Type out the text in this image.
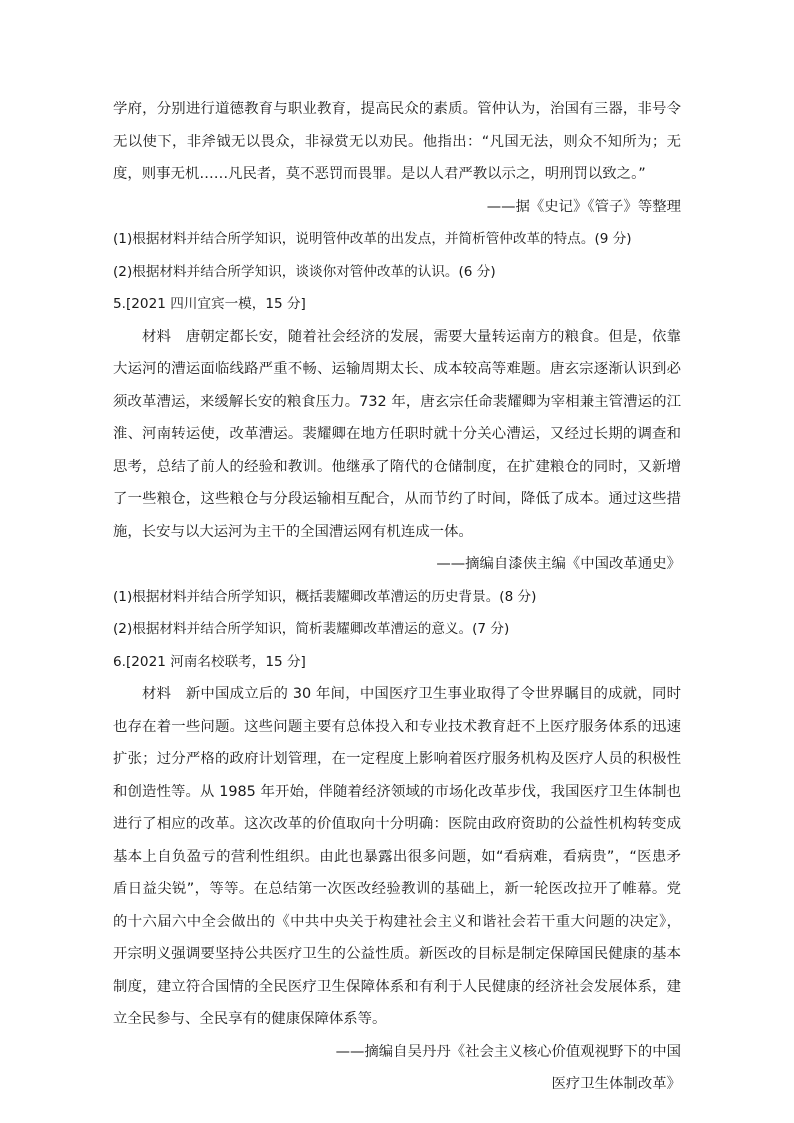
学府，分别进行道德教育与职业教育，提高民众的素质。管仲认为，治国有三器，非号令无以使下，非斧钺无以畏众，非禄赏无以劝民。他指出：“凡国无法，则众不知所为；无度，则事无机……凡民者，莫不恶罚而畏罪。是以人君严教以示之，明刑罚以致之。”

——据《史记》《管子》等整理

(1)根据材料并结合所学知识，说明管仲改革的出发点，并简析管仲改革的特点。(9 分)

(2)根据材料并结合所学知识，谈谈你对管仲改革的认识。(6 分)

5.[2021 四川宜宾一模，15 分]

材料　唐朝定都长安，随着社会经济的发展，需要大量转运南方的粮食。但是，依靠大运河的漕运面临线路严重不畅、运输周期太长、成本较高等难题。唐玄宗逐渐认识到必须改革漕运，来缓解长安的粮食压力。732 年，唐玄宗任命裴耀卿为宰相兼主管漕运的江淮、河南转运使，改革漕运。裴耀卿在地方任职时就十分关心漕运，又经过长期的调查和思考，总结了前人的经验和教训。他继承了隋代的仓储制度，在扩建粮仓的同时，又新增了一些粮仓，这些粮仓与分段运输相互配合，从而节约了时间，降低了成本。通过这些措施，长安与以大运河为主干的全国漕运网有机连成一体。

——摘编自漆侠主编《中国改革通史》

(1)根据材料并结合所学知识，概括裴耀卿改革漕运的历史背景。(8 分)

(2)根据材料并结合所学知识，简析裴耀卿改革漕运的意义。(7 分)

6.[2021 河南名校联考，15 分]

材料　新中国成立后的 30 年间，中国医疗卫生事业取得了令世界瞩目的成就，同时也存在着一些问题。这些问题主要有总体投入和专业技术教育赶不上医疗服务体系的迅速扩张；过分严格的政府计划管理，在一定程度上影响着医疗服务机构及医疗人员的积极性和创造性等。从 1985 年开始，伴随着经济领域的市场化改革步伐，我国医疗卫生体制也进行了相应的改革。这次改革的价值取向十分明确：医院由政府资助的公益性机构转变成基本上自负盈亏的营利性组织。由此也暴露出很多问题，如“看病难，看病贵”，“医患矛盾日益尖锐”，等等。在总结第一次医改经验教训的基础上，新一轮医改拉开了帷幕。党的十六届六中全会做出的《中共中央关于构建社会主义和谐社会若干重大问题的决定》，开宗明义强调要坚持公共医疗卫生的公益性质。新医改的目标是制定保障国民健康的基本制度，建立符合国情的全民医疗卫生保障体系和有利于人民健康的经济社会发展体系，建立全民参与、全民享有的健康保障体系等。

——摘编自吴丹丹《社会主义核心价值观视野下的中国

医疗卫生体制改革》
